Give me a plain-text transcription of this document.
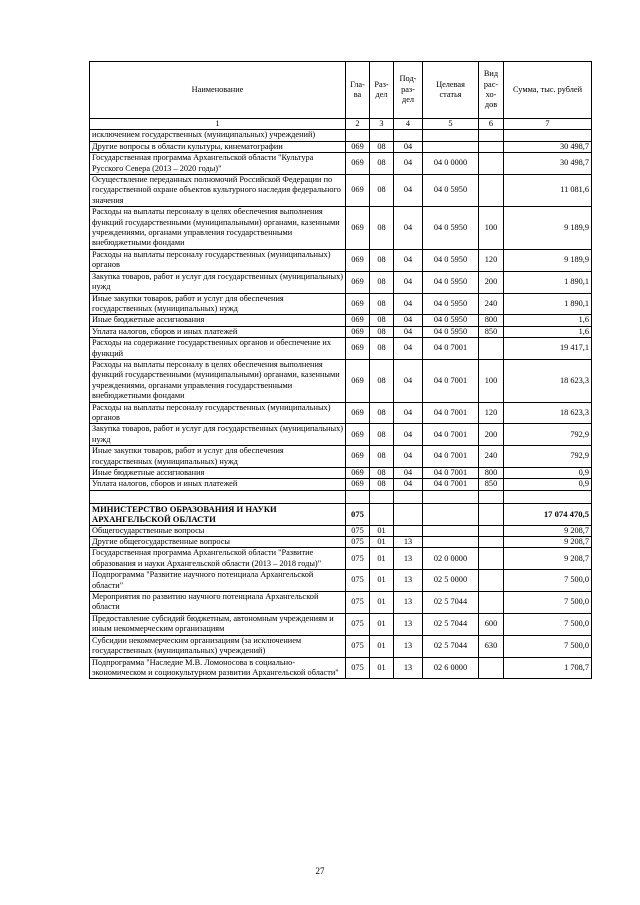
Наименование	Гла-ва	Раз-дел	Под-раз-дел	Целевая статья	Вид рас-хо-дов	Сумма, тыс. рублей
1	2	3	4	5	6	7
исключением государственных (муниципальных) учреждений)						
Другие вопросы в области культуры, кинематографии	069	08	04			30 498,7
Государственная программа Архангельской области "Культура Русского Севера (2013 – 2020 годы)"	069	08	04	04 0 0000		30 498,7
Осуществление переданных полномочий Российской Федерации по государственной охране объектов культурного наследия федерального значения	069	08	04	04 0 5950		11 081,6
Расходы на выплаты персоналу в целях обеспечения выполнения функций государственными (муниципальными) органами, казенными учреждениями, органами управления государственными внебюджетными фондами	069	08	04	04 0 5950	100	9 189,9
Расходы на выплаты персоналу государственных (муниципальных) органов	069	08	04	04 0 5950	120	9 189,9
Закупка товаров, работ и услуг для государственных (муниципальных) нужд	069	08	04	04 0 5950	200	1 890,1
Иные закупки товаров, работ и услуг для обеспечения государственных (муниципальных) нужд	069	08	04	04 0 5950	240	1 890,1
Иные бюджетные ассигнования	069	08	04	04 0 5950	800	1,6
Уплата налогов, сборов и иных платежей	069	08	04	04 0 5950	850	1,6
Расходы на содержание государственных органов и обеспечение их функций	069	08	04	04 0 7001		19 417,1
Расходы на выплаты персоналу в целях обеспечения выполнения функций государственными (муниципальными) органами, казенными учреждениями, органами управления государственными внебюджетными фондами	069	08	04	04 0 7001	100	18 623,3
Расходы на выплаты персоналу государственных (муниципальных) органов	069	08	04	04 0 7001	120	18 623,3
Закупка товаров, работ и услуг для государственных (муниципальных) нужд	069	08	04	04 0 7001	200	792,9
Иные закупки товаров, работ и услуг для обеспечения государственных (муниципальных) нужд	069	08	04	04 0 7001	240	792,9
Иные бюджетные ассигнования	069	08	04	04 0 7001	800	0,9
Уплата налогов, сборов и иных платежей	069	08	04	04 0 7001	850	0,9

МИНИСТЕРСТВО ОБРАЗОВАНИЯ И НАУКИ АРХАНГЕЛЬСКОЙ ОБЛАСТИ	075					17 074 470,5
Общегосударственные вопросы	075	01				9 208,7
Другие общегосударственные вопросы	075	01	13			9 208,7
Государственная программа Архангельской области "Развитие образования и науки Архангельской области (2013 – 2018 годы)"	075	01	13	02 0 0000		9 208,7
Подпрограмма "Развитие научного потенциала Архангельской области"	075	01	13	02 5 0000		7 500,0
Мероприятия по развитию научного потенциала Архангельской области	075	01	13	02 5 7044		7 500,0
Предоставление субсидий бюджетным, автономным учреждениям и иным некоммерческим организациям	075	01	13	02 5 7044	600	7 500,0
Субсидии некоммерческим организациям (за исключением государственных (муниципальных) учреждений)	075	01	13	02 5 7044	630	7 500,0
Подпрограмма "Наследие М.В. Ломоносова в социально-экономическом и социокультурном развитии Архангельской области"	075	01	13	02 6 0000		1 708,7
27
